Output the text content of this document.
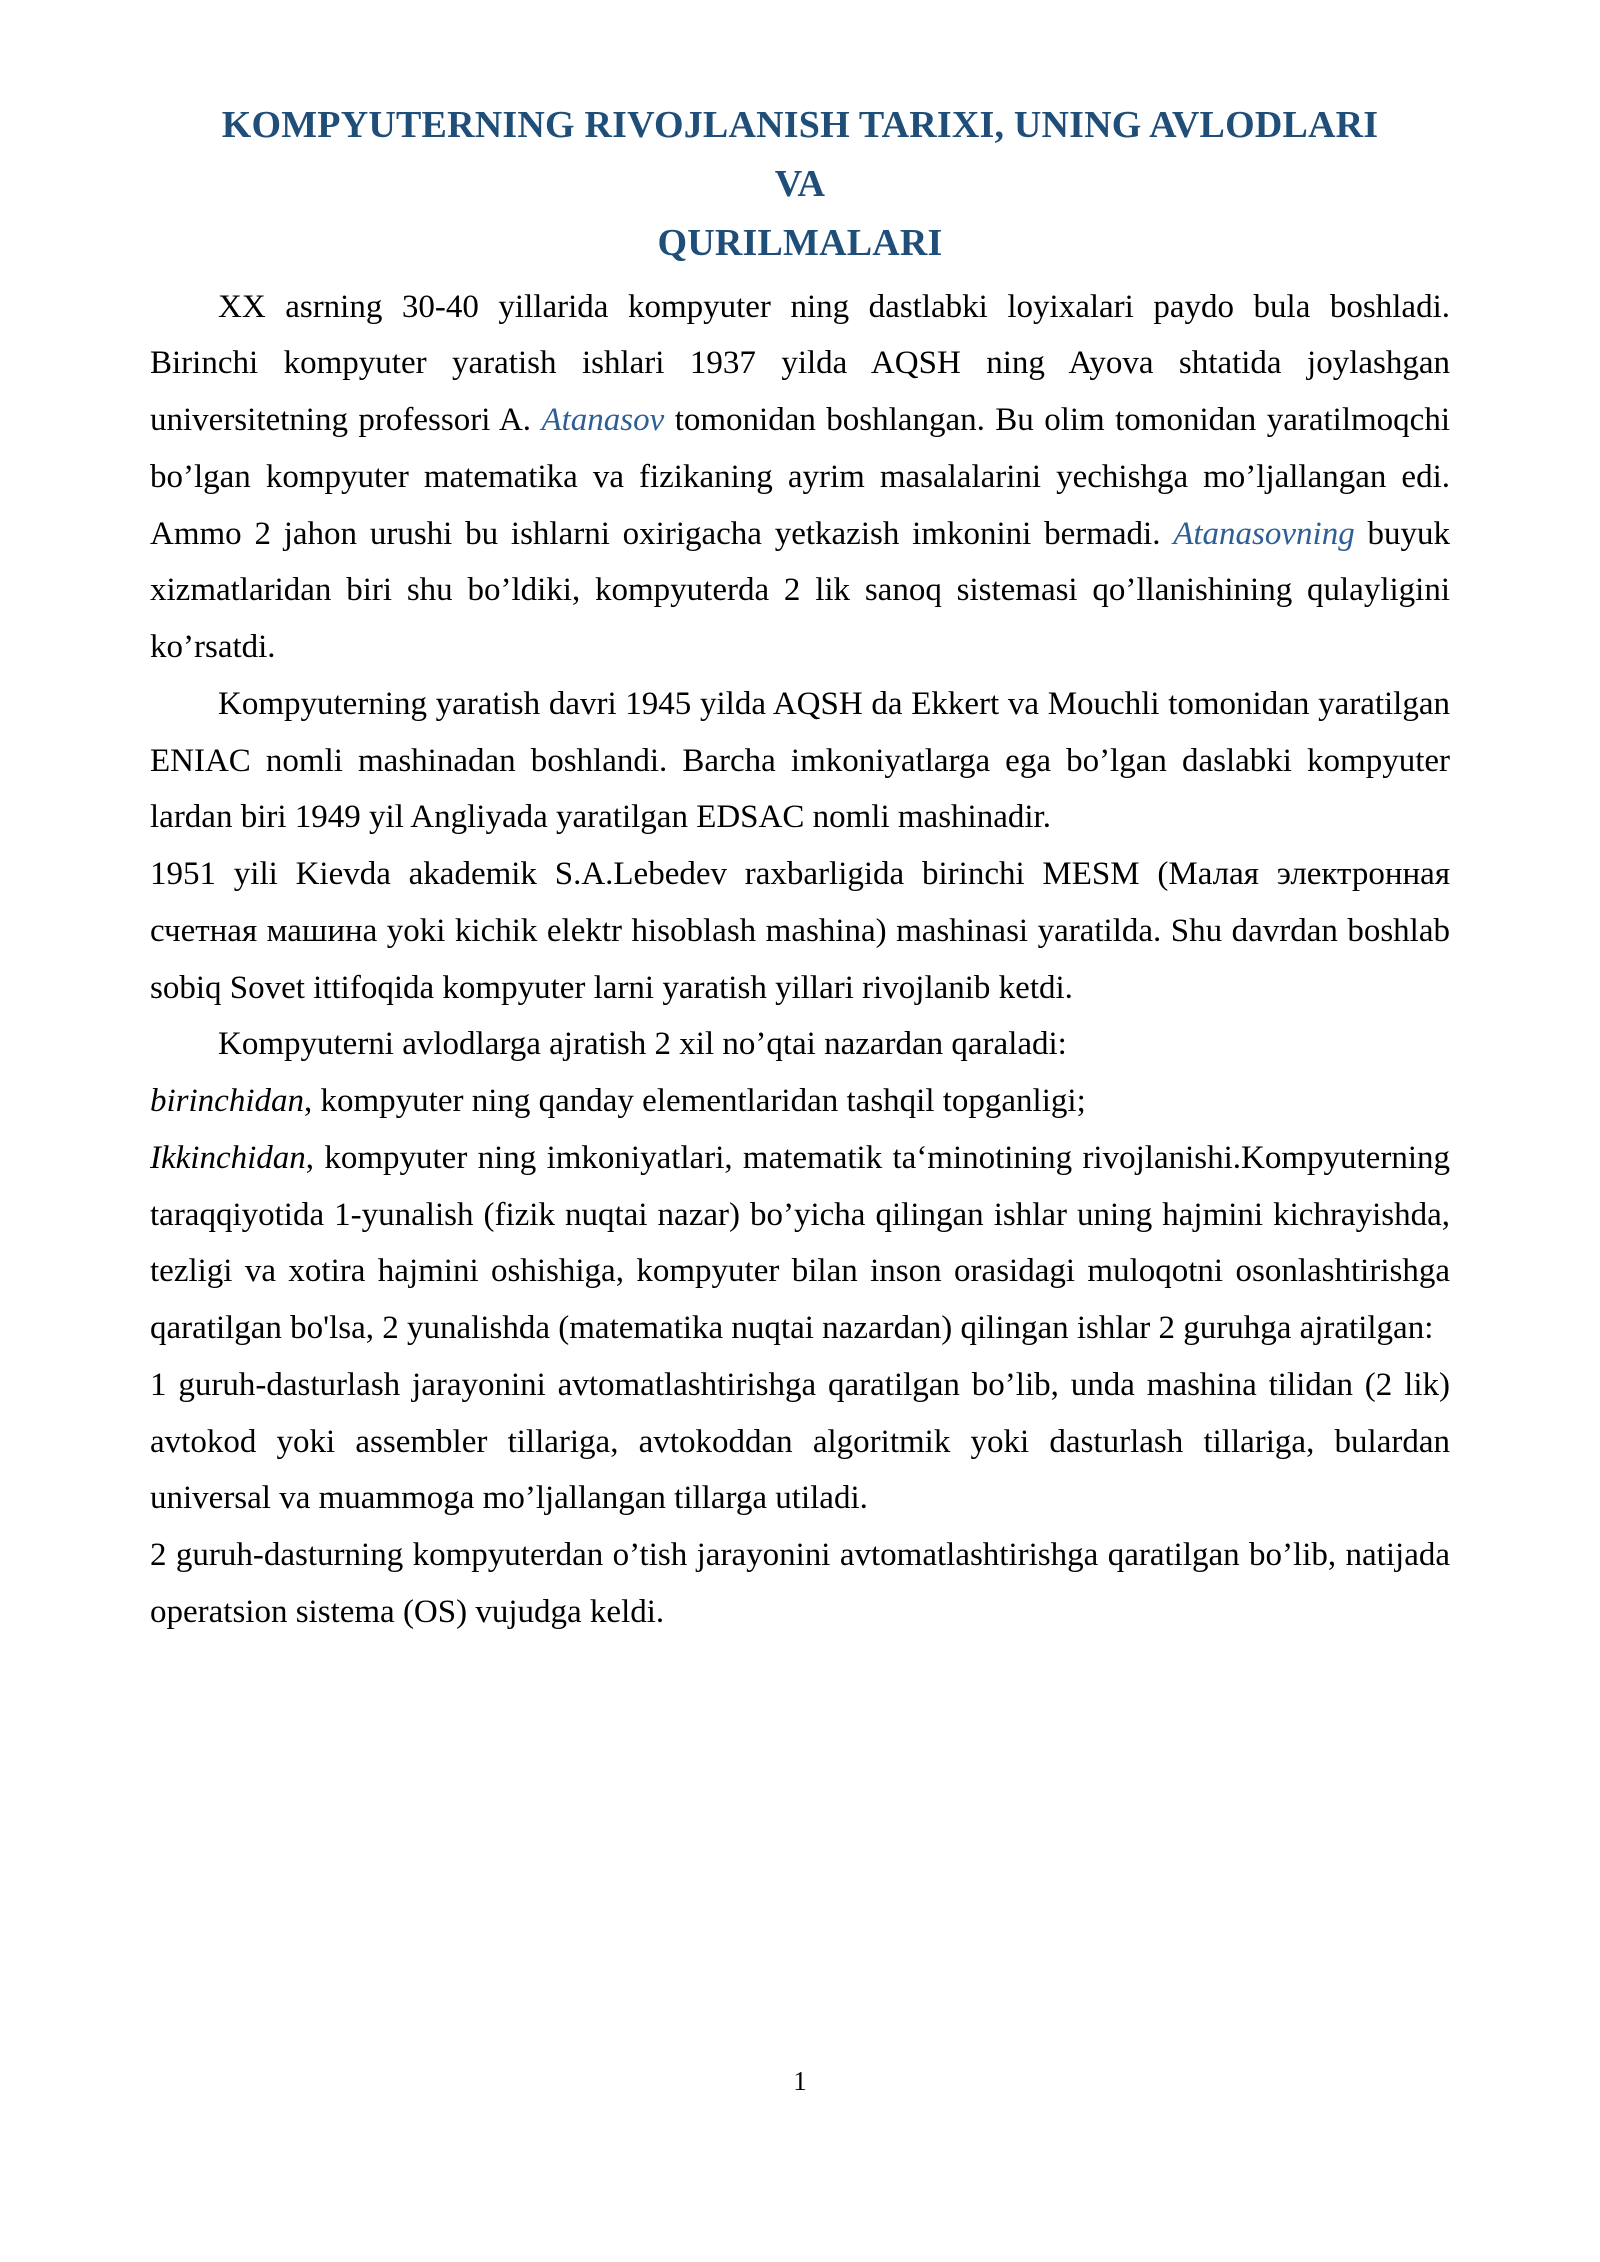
KOMPYUTERNING RIVOJLANISH TARIXI, UNING AVLODLARI VA
QURILMALARI

XX asrning 30-40 yillarida kompyuter ning dastlabki loyixalari paydo bula boshladi. Birinchi kompyuter yaratish ishlari 1937 yilda AQSH ning Ayova shtatida joylashgan universitetning professori A. Atanasov tomonidan boshlangan. Bu olim tomonidan yaratilmoqchi bo’lgan kompyuter matematika va fizikaning ayrim masalalarini yechishga mo’ljallangan edi. Ammo 2 jahon urushi bu ishlarni oxirigacha yetkazish imkonini bermadi. Atanasovning buyuk xizmatlaridan biri shu bo’ldiki, kompyuterda 2 lik sanoq sistemasi qo’llanishining qulayligini ko’rsatdi.

Kompyuterning yaratish davri 1945 yilda AQSH da Ekkert va Mouchli tomonidan yaratilgan ENIAC nomli mashinadan boshlandi. Barcha imkoniyatlarga ega bo’lgan daslabki kompyuter lardan biri 1949 yil Angliyada yaratilgan EDSAC nomli mashinadir.

1951 yili Kievda akademik S.A.Lebedev raxbarligida birinchi MESM (Малая электронная счетная машина yoki kichik elektr hisoblash mashina) mashinasi yaratilda. Shu davrdan boshlab sobiq Sovet ittifoqida kompyuter larni yaratish yillari rivojlanib ketdi.

Kompyuterni avlodlarga ajratish 2 xil no’qtai nazardan qaraladi:
birinchidan, kompyuter ning qanday elementlaridan tashqil topganligi;

Ikkinchidan, kompyuter ning imkoniyatlari, matematik ta‘minotining rivojlanishi.Kompyuterning taraqqiyotida 1-yunalish (fizik nuqtai nazar) bo’yicha qilingan ishlar uning hajmini kichrayishda, tezligi va xotira hajmini oshishiga, kompyuter bilan inson orasidagi muloqotni osonlashtirishga qaratilgan bo'lsa, 2 yunalishda (matematika nuqtai nazardan) qilingan ishlar 2 guruhga ajratilgan:

1 guruh-dasturlash jarayonini avtomatlashtirishga qaratilgan bo’lib, unda mashina tilidan (2 lik) avtokod yoki assembler tillariga, avtokoddan algoritmik yoki dasturlash tillariga, bulardan universal va muammoga mo’ljallangan tillarga utiladi.

2 guruh-dasturning kompyuterdan o’tish jarayonini avtomatlashtirishga qaratilgan bo’lib, natijada operatsion sistema (OS) vujudga keldi.

1
